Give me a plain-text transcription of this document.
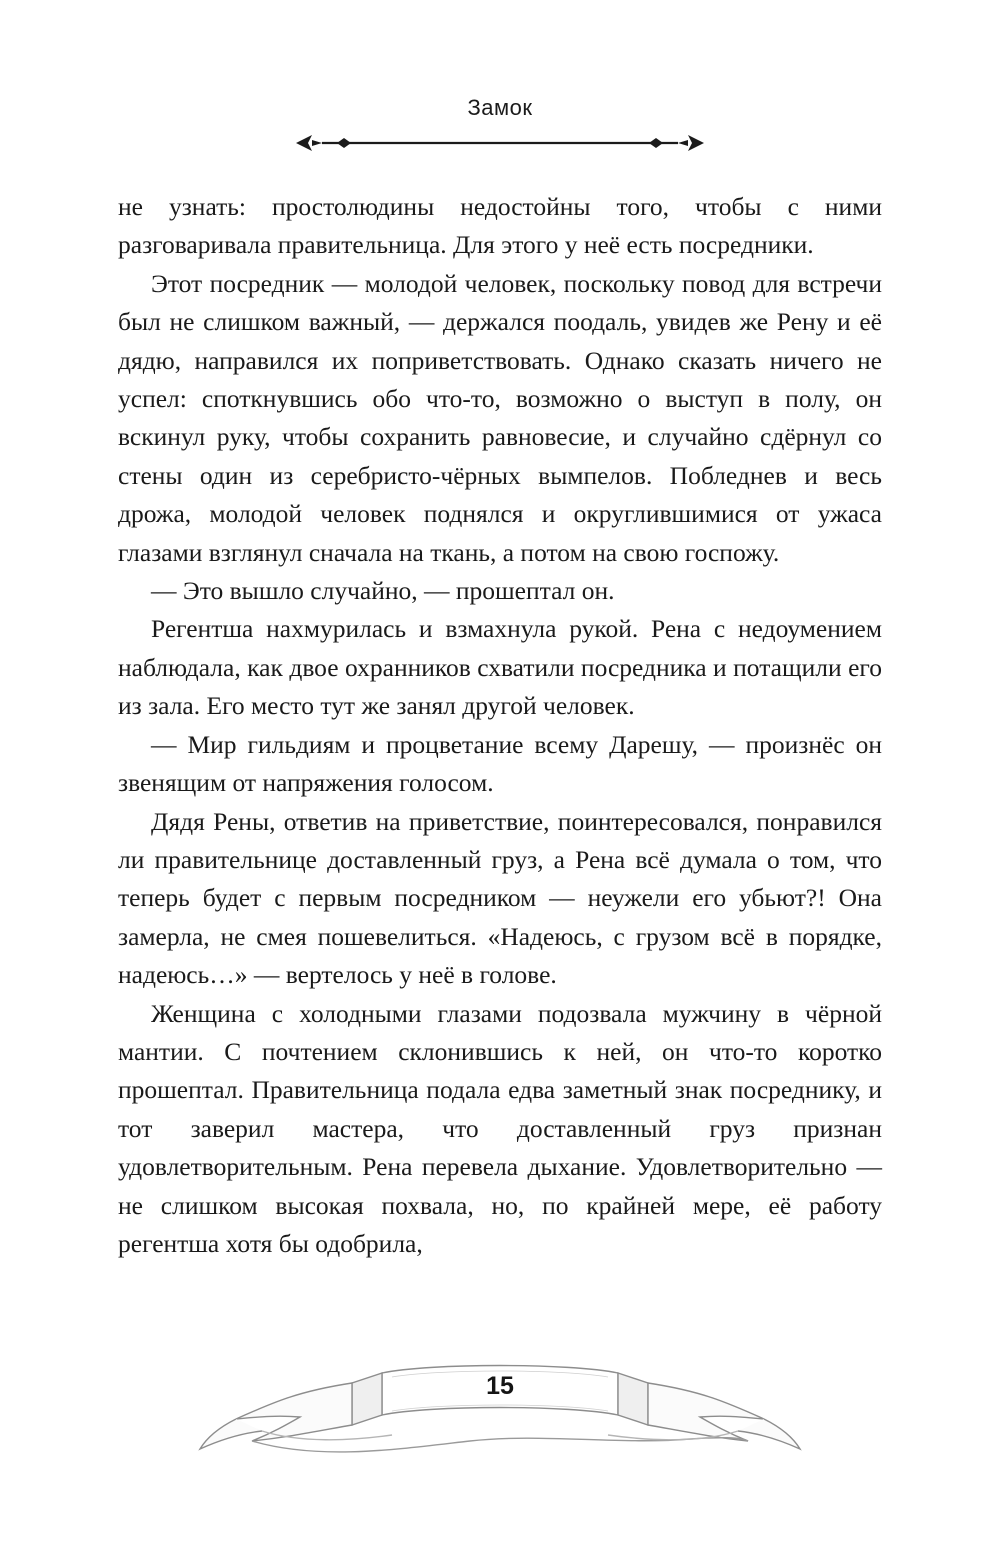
Замок

не узнать: простолюдины недостойны того, чтобы с ними разговаривала правительница. Для этого у неё есть посредники.

Этот посредник — молодой человек, поскольку повод для встречи был не слишком важный, — держался поодаль, увидев же Рену и её дядю, направился их поприветствовать. Однако сказать ничего не успел: споткнувшись обо что-то, возможно о выступ в полу, он вскинул руку, чтобы сохранить равновесие, и случайно сдёрнул со стены один из серебристо-чёрных вымпелов. Побледнев и весь дрожа, молодой человек поднялся и округлившимися от ужаса глазами взглянул сначала на ткань, а потом на свою госпожу.

— Это вышло случайно, — прошептал он.

Регентша нахмурилась и взмахнула рукой. Рена с недоумением наблюдала, как двое охранников схватили посредника и потащили его из зала. Его место тут же занял другой человек.

— Мир гильдиям и процветание всему Дарешу, — произнёс он звенящим от напряжения голосом.

Дядя Рены, ответив на приветствие, поинтересовался, понравился ли правительнице доставленный груз, а Рена всё думала о том, что теперь будет с первым посредником — неужели его убьют?! Она замерла, не смея пошевелиться. «Надеюсь, с грузом всё в порядке, надеюсь…» — вертелось у неё в голове.

Женщина с холодными глазами подозвала мужчину в чёрной мантии. С почтением склонившись к ней, он что-то коротко прошептал. Правительница подала едва заметный знак посреднику, и тот заверил мастера, что доставленный груз признан удовлетворительным. Рена перевела дыхание. Удовлетворительно — не слишком высокая похвала, но, по крайней мере, её работу регентша хотя бы одобрила,

15
